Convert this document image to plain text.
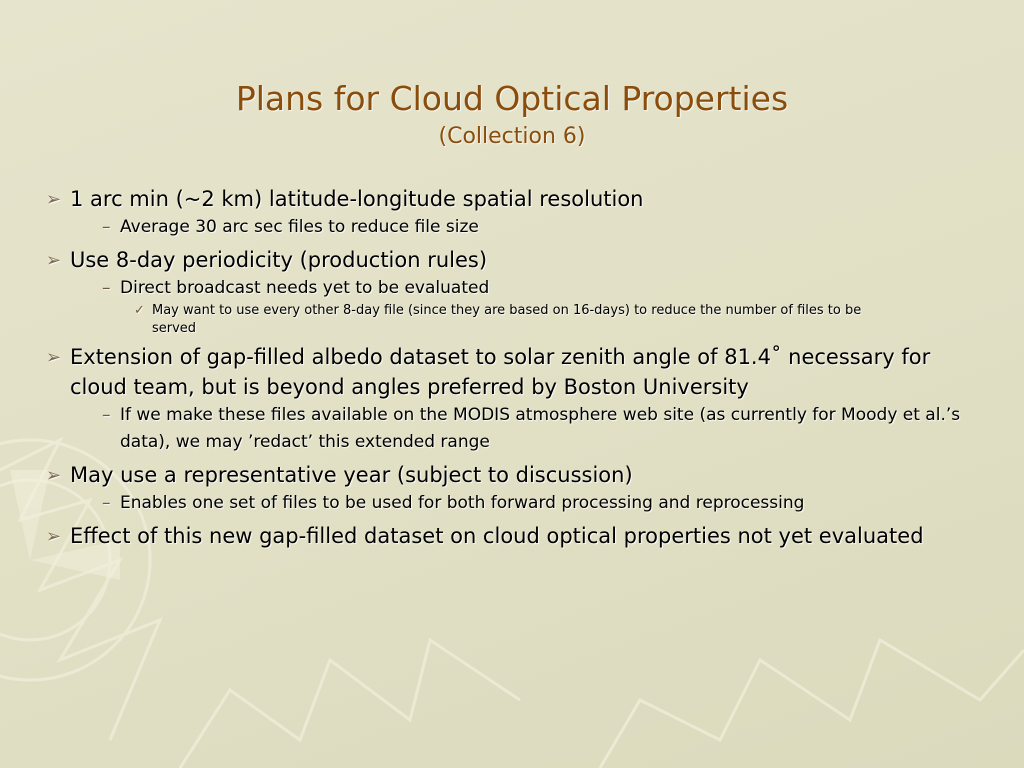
Plans for Cloud Optical Properties
(Collection 6)
➢ 1 arc min (~2 km) latitude-longitude spatial resolution
– Average 30 arc sec files to reduce file size
➢ Use 8-day periodicity (production rules)
– Direct broadcast needs yet to be evaluated
✓ May want to use every other 8-day file (since they are based on 16-days) to reduce the number of files to be served
➢ Extension of gap-filled albedo dataset to solar zenith angle of 81.4˚ necessary for cloud team, but is beyond angles preferred by Boston University
– If we make these files available on the MODIS atmosphere web site (as currently for Moody et al.’s data), we may ’redact’ this extended range
➢ May use a representative year (subject to discussion)
– Enables one set of files to be used for both forward processing and reprocessing
➢ Effect of this new gap-filled dataset on cloud optical properties not yet evaluated
